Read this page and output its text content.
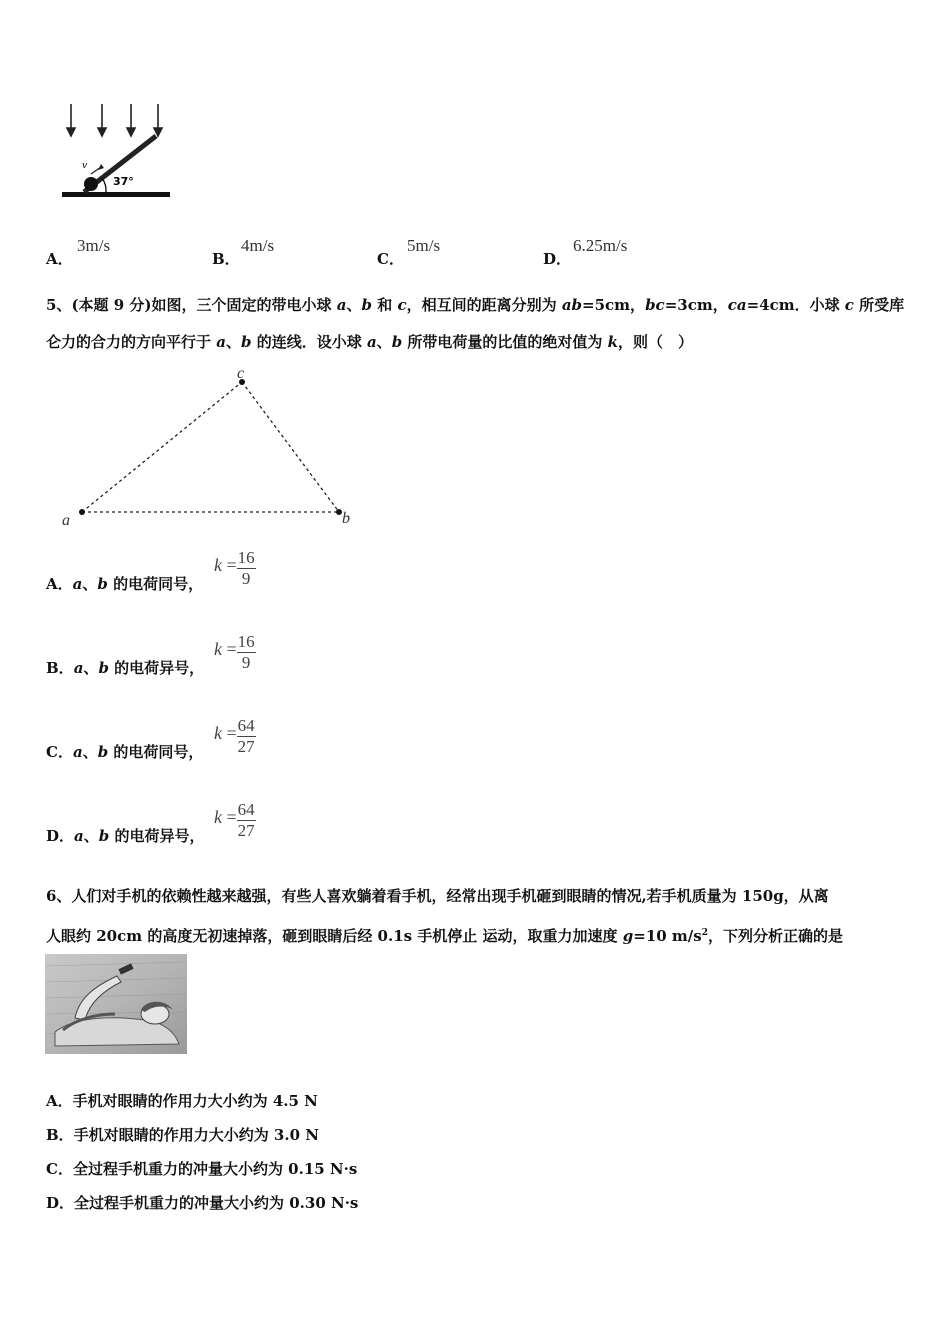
v
37°
A．
3m/s
B．
4m/s
C．
5m/s
D．
6.25m/s
5、(本题 9 分)如图，三个固定的带电小球 a、b 和 c，相互间的距离分别为 ab=5cm，bc=3cm，ca=4cm．小球 c 所受库
仑力的合力的方向平行于 a、b 的连线．设小球 a、b 所带电荷量的比值的绝对值为 k，则（　）
a	b
c
A．a、b 的电荷同号，
$k = \frac{16}{9}$
B．a、b 的电荷异号，
$k = \frac{16}{9}$
C．a、b 的电荷同号，
$k = \frac{64}{27}$
D．a、b 的电荷异号，
$k = \frac{64}{27}$
6、人们对手机的依赖性越来越强，有些人喜欢躺着看手机，经常出现手机砸到眼睛的情况,若手机质量为 150g，从离
人眼约 20cm 的高度无初速掉落，砸到眼睛后经 0.1s 手机停止 运动，取重力加速度 g=10 $m/s^2$，下列分析正确的是
A．手机对眼睛的作用力大小约为 4.5 N
B．手机对眼睛的作用力大小约为 3.0 N
C．全过程手机重力的冲量大小约为 0.15 N·s
D．全过程手机重力的冲量大小约为 0.30 N·s
